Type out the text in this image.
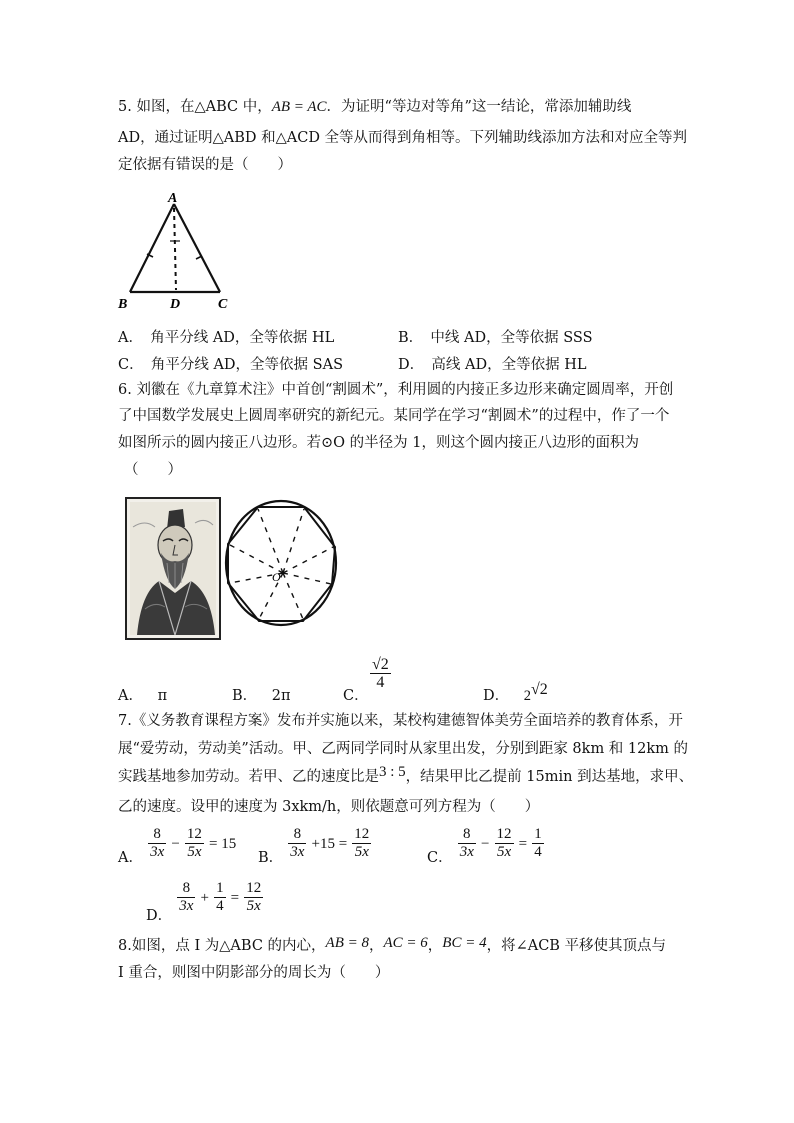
5. 如图，在△ABC 中，AB = AC．为证明“等边对等角”这一结论，常添加辅助线
AD，通过证明△ABD 和△ACD 全等从而得到角相等。下列辅助线添加方法和对应全等判
定依据有错误的是（　　）
A
B	D	C
A．　角平分线 AD，全等依据 HL	B．　中线 AD，全等依据 SSS
C．　角平分线 AD，全等依据 SAS	D．　高线 AD，全等依据 HL
6. 刘徽在《九章算术注》中首创“割圆术”，利用圆的内接正多边形来确定圆周率，开创
了中国数学发展史上圆周率研究的新纪元。某同学在学习“割圆术”的过程中，作了一个
如图所示的圆内接正八边形。若⊙O 的半径为 1，则这个圆内接正八边形的面积为
（　　）
O
A． π	B． 2π	C．
$\frac{√2}{4}$
D． 2√2
7.《义务教育课程方案》发布并实施以来，某校构建德智体美劳全面培养的教育体系，开
展“爱劳动，劳动美”活动。甲、乙两同学同时从家里出发，分别到距家 8km 和 12km 的
实践基地参加劳动。若甲、乙的速度比是3 : 5，结果甲比乙提前 15min 到达基地，求甲、
乙的速度。设甲的速度为 3xkm/h，则依题意可列方程为（　　）
A． $\frac{8}{3x} - \frac{12}{5x} = 15$
B． $\frac{8}{3x} +15 = \frac{12}{5x}$	C． $\frac{8}{3x} - \frac{12}{5x} = \frac{1}{4}$
D．
$\frac{8}{3x} + \frac{1}{4} = \frac{12}{5x}$
8.如图，点 I 为△ABC 的内心，AB = 8，AC = 6，BC = 4，将∠ACB 平移使其顶点与
I 重合，则图中阴影部分的周长为（　　）
